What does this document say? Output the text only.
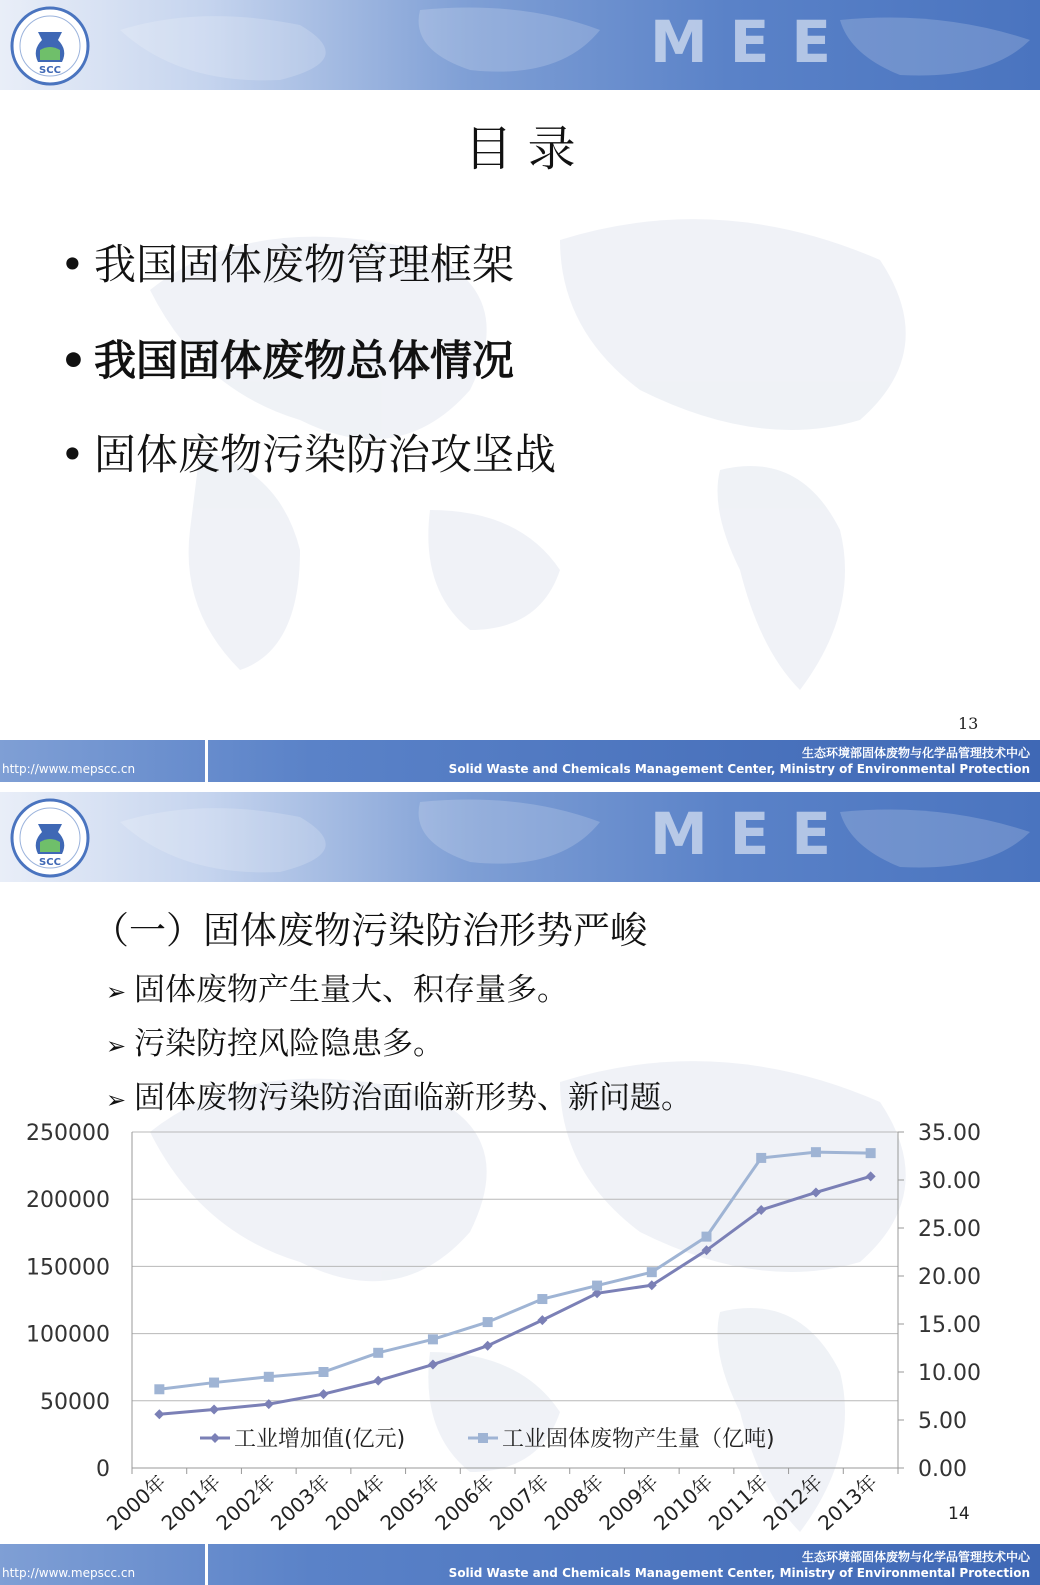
SCC	MEE
目 录
• 我国固体废物管理框架
• 我国固体废物总体情况
• 固体废物污染防治攻坚战
13
http://www.mepscc.cn
生态环境部固体废物与化学品管理技术中心
Solid Waste and Chemicals Management Center, Ministry of Environmental Protection
SCC	MEE
（一）固体废物污染防治形势严峻
➢ 固体废物产生量大、积存量多。
➢ 污染防控风险隐患多。
➢ 固体废物污染防治面临新形势、新问题。
0
50000
100000
150000
200000
250000
0.00
5.00
10.00
15.00
20.00
25.00
30.00
35.00
2000年
2001年
2002年
2003年
2004年
2005年
2006年
2007年
2008年
2009年
2010年
2011年
2012年
2013年
工业增加值(亿元)	工业固体废物产生量（亿吨)
14
http://www.mepscc.cn
生态环境部固体废物与化学品管理技术中心
Solid Waste and Chemicals Management Center, Ministry of Environmental Protection
